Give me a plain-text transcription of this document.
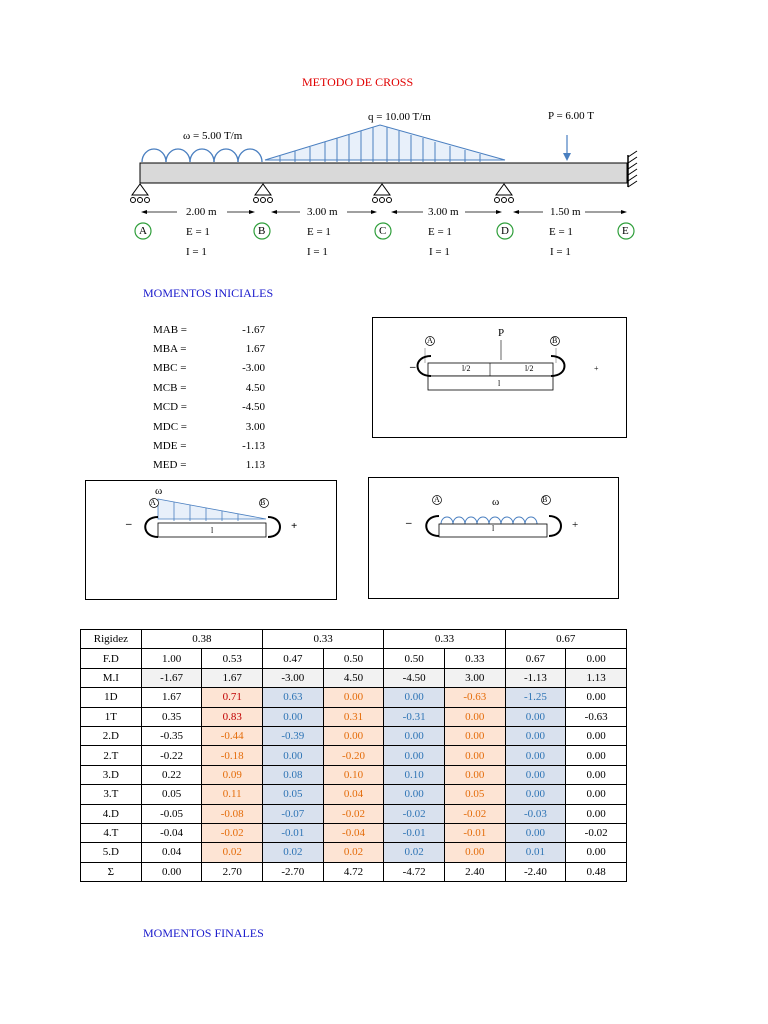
METODO DE CROSS
ω = 5.00 T/m
q = 10.00 T/m	P = 6.00 T
2.00 m	3.00 m	3.00 m	1.50 m
A	B	C	D	E
E = 1	E = 1	E = 1	E = 1
I = 1	I = 1	I = 1	I = 1
MOMENTOS INICIALES
MAB =	-1.67
MBA =	1.67
MBC =	-3.00
MCB =	4.50
MCD =	-4.50
MDC =	3.00
MDE =	-1.13
MED =	1.13
A	B
P
l/2	l/2
l
–	+
ω
A	B
l
–	+
ω
A	B
l
–	+
Rigidez	0.38		0.33		0.33		0.67	
F.D	1.00	0.53	0.47	0.50	0.50	0.33	0.67	0.00
M.I	-1.67	1.67	-3.00	4.50	-4.50	3.00	-1.13	1.13
1D	1.67	0.71	0.63	0.00	0.00	-0.63	-1.25	0.00
1T	0.35	0.83	0.00	0.31	-0.31	0.00	0.00	-0.63
2.D	-0.35	-0.44	-0.39	0.00	0.00	0.00	0.00	0.00
2.T	-0.22	-0.18	0.00	-0.20	0.00	0.00	0.00	0.00
3.D	0.22	0.09	0.08	0.10	0.10	0.00	0.00	0.00
3.T	0.05	0.11	0.05	0.04	0.00	0.05	0.00	0.00
4.D	-0.05	-0.08	-0.07	-0.02	-0.02	-0.02	-0.03	0.00
4.T	-0.04	-0.02	-0.01	-0.04	-0.01	-0.01	0.00	-0.02
5.D	0.04	0.02	0.02	0.02	0.02	0.00	0.01	0.00
Σ	0.00	2.70	-2.70	4.72	-4.72	2.40	-2.40	0.48
MOMENTOS FINALES
